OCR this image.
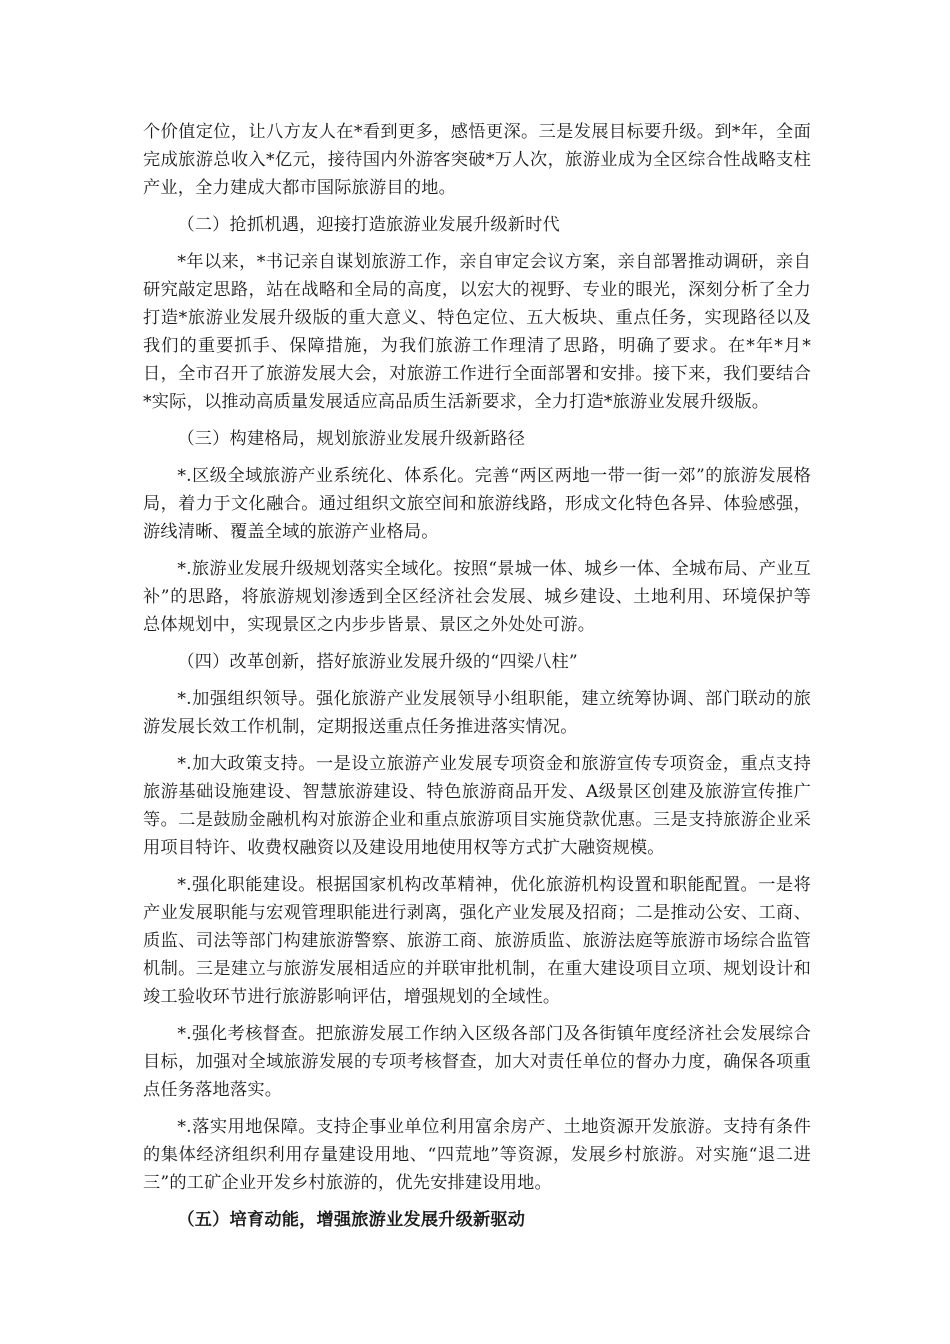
个价值定位，让八方友人在*看到更多，感悟更深。三是发展目标要升级。到*年，全面完成旅游总收入*亿元，接待国内外游客突破*万人次，旅游业成为全区综合性战略支柱产业，全力建成大都市国际旅游目的地。

（二）抢抓机遇，迎接打造旅游业发展升级新时代

*年以来，*书记亲自谋划旅游工作，亲自审定会议方案，亲自部署推动调研，亲自研究敲定思路，站在战略和全局的高度，以宏大的视野、专业的眼光，深刻分析了全力打造*旅游业发展升级版的重大意义、特色定位、五大板块、重点任务，实现路径以及我们的重要抓手、保障措施，为我们旅游工作理清了思路，明确了要求。在*年*月*日，全市召开了旅游发展大会，对旅游工作进行全面部署和安排。接下来，我们要结合*实际，以推动高质量发展适应高品质生活新要求，全力打造*旅游业发展升级版。

（三）构建格局，规划旅游业发展升级新路径

*.区级全域旅游产业系统化、体系化。完善“两区两地一带一街一郊”的旅游发展格局，着力于文化融合。通过组织文旅空间和旅游线路，形成文化特色各异、体验感强，游线清晰、覆盖全域的旅游产业格局。

*.旅游业发展升级规划落实全域化。按照“景城一体、城乡一体、全城布局、产业互补”的思路，将旅游规划渗透到全区经济社会发展、城乡建设、土地利用、环境保护等总体规划中，实现景区之内步步皆景、景区之外处处可游。

（四）改革创新，搭好旅游业发展升级的“四梁八柱”

*.加强组织领导。强化旅游产业发展领导小组职能，建立统筹协调、部门联动的旅游发展长效工作机制，定期报送重点任务推进落实情况。

*.加大政策支持。一是设立旅游产业发展专项资金和旅游宣传专项资金，重点支持旅游基础设施建设、智慧旅游建设、特色旅游商品开发、A级景区创建及旅游宣传推广等。二是鼓励金融机构对旅游企业和重点旅游项目实施贷款优惠。三是支持旅游企业采用项目特许、收费权融资以及建设用地使用权等方式扩大融资规模。

*.强化职能建设。根据国家机构改革精神，优化旅游机构设置和职能配置。一是将产业发展职能与宏观管理职能进行剥离，强化产业发展及招商；二是推动公安、工商、质监、司法等部门构建旅游警察、旅游工商、旅游质监、旅游法庭等旅游市场综合监管机制。三是建立与旅游发展相适应的并联审批机制，在重大建设项目立项、规划设计和竣工验收环节进行旅游影响评估，增强规划的全域性。

*.强化考核督查。把旅游发展工作纳入区级各部门及各街镇年度经济社会发展综合目标，加强对全域旅游发展的专项考核督查，加大对责任单位的督办力度，确保各项重点任务落地落实。

*.落实用地保障。支持企事业单位利用富余房产、土地资源开发旅游。支持有条件的集体经济组织利用存量建设用地、“四荒地”等资源，发展乡村旅游。对实施“退二进三”的工矿企业开发乡村旅游的，优先安排建设用地。

（五）培育动能，增强旅游业发展升级新驱动
